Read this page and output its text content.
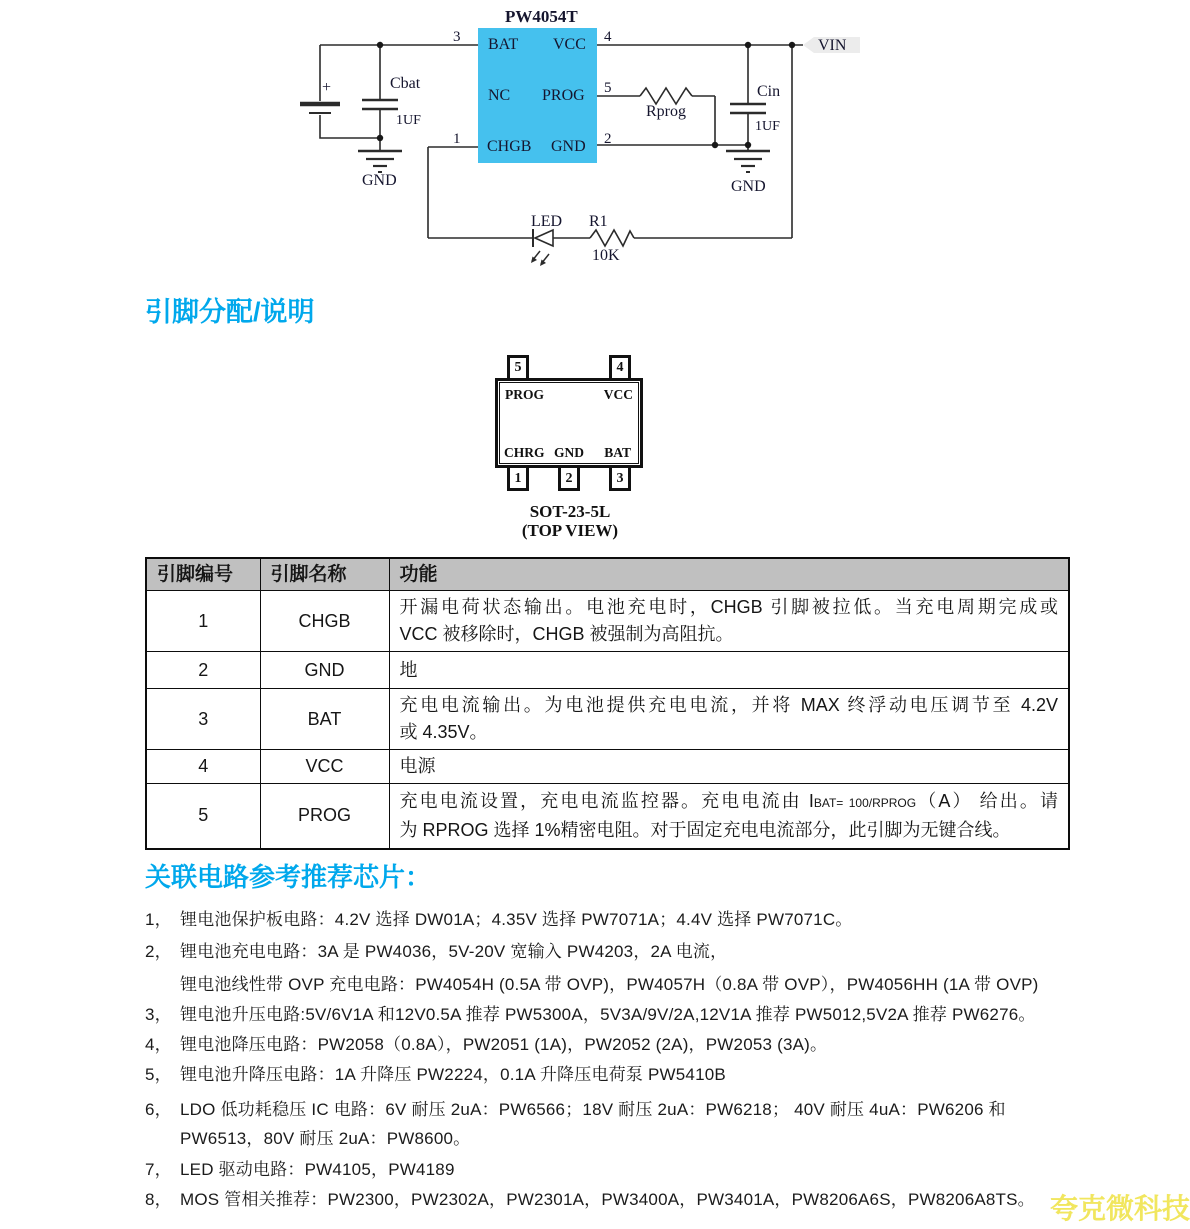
PW4054T
3	4
5
1	2
BAT VCC
NC PROG
CHGB GND
+	Cbat
1UF
GND
Cin
1UF
GND
VIN
Rprog
LED R1
10K
引脚分配/说明
5	4
PROG	VCC
CHRG GND BAT
1	2	3
SOT-23-5L
(TOP VIEW)
引脚编号	引脚名称	功能
1	CHGB	开漏电荷状态输出。电池充电时，CHGB 引脚被拉低。当充电周期完成或
VCC 被移除时，CHGB 被强制为高阻抗。

2	GND	地
3	BAT	充电电流输出。为电池提供充电电流，并将 MAX 终浮动电压调节至 4.2V
或 4.35V。

4	VCC	电源
5	PROG	充电电流设置，充电电流监控器。充电电流由 IBAT= 100/RPROG（A） 给出。请
为 RPROG 选择 1%精密电阻。对于固定充电电流部分，此引脚为无键合线。
关联电路参考推荐芯片：
1， 锂电池保护板电路：4.2V 选择 DW01A；4.35V 选择 PW7071A；4.4V 选择 PW7071C。
2， 锂电池充电电路：3A 是 PW4036，5V-20V 宽输入 PW4203，2A 电流，
锂电池线性带 OVP 充电电路：PW4054H (0.5A 带 OVP)，PW4057H（0.8A 带 OVP），PW4056HH (1A 带 OVP)
3， 锂电池升压电路:5V/6V1A 和12V0.5A 推荐 PW5300A，5V3A/9V/2A,12V1A 推荐 PW5012,5V2A 推荐 PW6276。
4， 锂电池降压电路：PW2058（0.8A），PW2051 (1A)，PW2052 (2A)，PW2053 (3A)。
5， 锂电池升降压电路：1A 升降压 PW2224，0.1A 升降压电荷泵 PW5410B
6， LDO 低功耗稳压 IC 电路：6V 耐压 2uA：PW6566；18V 耐压 2uA：PW6218； 40V 耐压 4uA：PW6206 和
PW6513，80V 耐压 2uA：PW8600。
7， LED 驱动电路：PW4105，PW4189
8， MOS 管相关推荐：PW2300，PW2302A，PW2301A，PW3400A，PW3401A，PW8206A6S，PW8206A8TS。 夸克微科技
